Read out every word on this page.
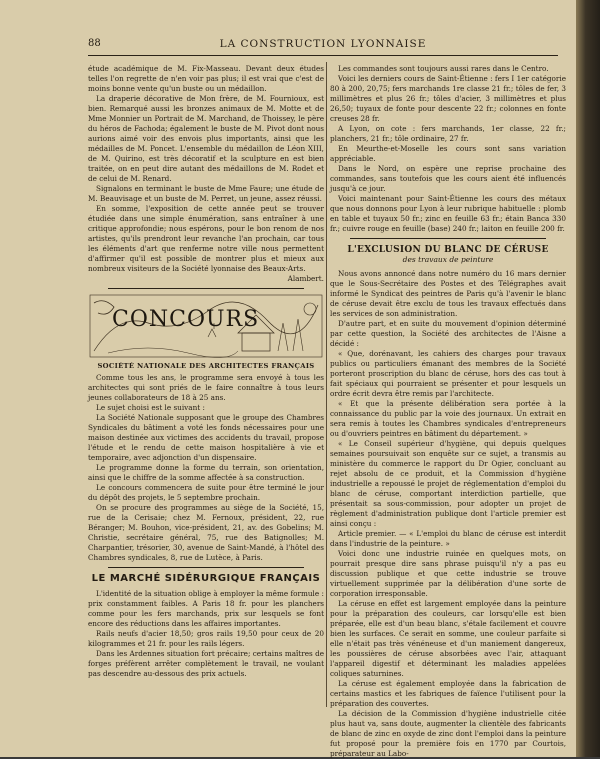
88	LA CONSTRUCTION LYONNAISE

étude académique de M. Fix-Masseau. Devant deux études telles l'on regrette de n'en voir pas plus; il est vrai que c'est de moins bonne vente qu'un buste ou un médaillon.

La draperie décorative de Mon frère, de M. Fournioux, est bien. Remarqué aussi les bronzes animaux de M. Motte et de Mme Monnier un Portrait de M. Marchand, de Thoissey, le père du héros de Fachoda; également le buste de M. Pivot dont nous aurions aimé voir des envois plus importants, ainsi que les médailles de M. Poncet. L'ensemble du médaillon de Léon XIII, de M. Quirino, est très décoratif et la sculpture en est bien traitée, on en peut dire autant des médaillons de M. Rodet et de celui de M. Renard.

Signalons en terminant le buste de Mme Faure; une étude de M. Beauvisage et un buste de M. Perret, un jeune, assez réussi.

En somme, l'exposition de cette année peut se trouver étudiée dans une simple énumération, sans entraîner à une critique approfondie; nous espérons, pour le bon renom de nos artistes, qu'ils prendront leur revanche l'an prochain, car tous les éléments d'art que renferme notre ville nous permettent d'affirmer qu'il est possible de montrer plus et mieux aux nombreux visiteurs de la Société lyonnaise des Beaux-Arts.

Alambert.
CONCOURS
SOCIÉTÉ NATIONALE DES ARCHITECTES FRANÇAIS

Comme tous les ans, le programme sera envoyé à tous les architectes qui sont priés de le faire connaître à tous leurs jeunes collaborateurs de 18 à 25 ans.

Le sujet choisi est le suivant :

La Société Nationale supposant que le groupe des Chambres Syndicales du bâtiment a voté les fonds nécessaires pour une maison destinée aux victimes des accidents du travail, propose l'étude et le rendu de cette maison hospitalière à vie et temporaire, avec adjonction d'un dispensaire.

Le programme donne la forme du terrain, son orientation, ainsi que le chiffre de la somme affectée à sa construction.

Le concours commencera de suite pour être terminé le jour du dépôt des projets, le 5 septembre prochain.

On se procure des programmes au siège de la Société, 15, rue de la Cerisaie; chez M. Fernoux, président, 22, rue Béranger; M. Bouhon, vice-président, 21, av. des Gobelins; M. Christie, secrétaire général, 75, rue des Batignolles; M. Charpantier, trésorier, 30, avenue de Saint-Mandé, à l'hôtel des Chambres syndicales, 8, rue de Lutèce, à Paris.

LE MARCHÉ SIDÉRURGIQUE FRANÇAIS

L'identité de la situation oblige à employer la même formule : prix constamment faibles. A Paris 18 fr. pour les planchers comme pour les fers marchands, prix sur lesquels se font encore des réductions dans les affaires importantes.

Rails neufs d'acier 18,50; gros rails 19,50 pour ceux de 20 kilogrammes et 21 fr. pour les rails légers.

Dans les Ardennes situation fort précaire; certains maîtres de forges préfèrent arrêter complètement le travail, ne voulant pas descendre au-dessous des prix actuels.

Les commandes sont toujours aussi rares dans le Centro.

Voici les derniers cours de Saint-Étienne : fers I 1er catégorie 80 à 200, 20,75; fers marchands 1re classe 21 fr.; tôles de fer, 3 millimètres et plus 26 fr.; tôles d'acier, 3 millimètres et plus 26,50; tuyaux de fonte pour descente 22 fr.; colonnes en fonte creuses 28 fr.

A Lyon, on cote : fers marchands, 1er classe, 22 fr.; planchers, 21 fr.; tôle ordinaire, 27 fr.

En Meurthe-et-Moselle les cours sont sans variation appréciable.

Dans le Nord, on espère une reprise prochaine des commandes, sans toutefois que les cours aient été influencés jusqu'à ce jour.

Voici maintenant pour Saint-Étienne les cours des métaux que nous donnons pour Lyon à leur rubrique habituelle : plomb en table et tuyaux 50 fr.; zinc en feuille 63 fr.; étain Banca 330 fr.; cuivre rouge en feuille (base) 240 fr.; laiton en feuille 200 fr.

L'EXCLUSION DU BLANC DE CÉRUSE
des travaux de peinture

Nous avons annoncé dans notre numéro du 16 mars dernier que le Sous-Secrétaire des Postes et des Télégraphes avait informé le Syndicat des peintres de Paris qu'à l'avenir le blanc de céruse devait être exclu de tous les travaux effectués dans les services de son administration.

D'autre part, et en suite du mouvement d'opinion déterminé par cette question, la Société des architectes de l'Aisne a décidé :

« Que, dorénavant, les cahiers des charges pour travaux publics ou particuliers émanant des membres de la Société porteront proscription du blanc de céruse, hors des cas tout à fait spéciaux qui pourraient se présenter et pour lesquels un ordre écrit devra être remis par l'architecte.

« Et que la présente délibération sera portée à la connaissance du public par la voie des journaux. Un extrait en sera remis à toutes les Chambres syndicales d'entrepreneurs ou d'ouvriers peintres en bâtiment du département. »

« Le Conseil supérieur d'hygiène, qui depuis quelques semaines poursuivait son enquête sur ce sujet, a transmis au ministère du commerce le rapport du Dr Ogier, concluant au rejet absolu de ce produit, et la Commission d'hygiène industrielle a repoussé le projet de réglementation d'emploi du blanc de céruse, comportant interdiction partielle, que présentait sa sous-commission, pour adopter un projet de règlement d'administration publique dont l'article premier est ainsi conçu :

Article premier. — « L'emploi du blanc de céruse est interdit dans l'industrie de la peinture. »

Voici donc une industrie ruinée en quelques mots, on pourrait presque dire sans phrase puisqu'il n'y a pas eu discussion publique et que cette industrie se trouve virtuellement supprimée par la délibération d'une sorte de corporation irresponsable.

La céruse en effet est largement employée dans la peinture pour la préparation des couleurs, car lorsqu'elle est bien préparée, elle est d'un beau blanc, s'étale facilement et couvre bien les surfaces. Ce serait en somme, une couleur parfaite si elle n'était pas très vénéneuse et d'un maniement dangereux, les poussières de céruse absorbées avec l'air, attaquant l'appareil digestif et déterminant les maladies appelées coliques saturnines.

La céruse est également employée dans la fabrication de certains mastics et les fabriques de faïence l'utilisent pour la préparation des couvertes.

La décision de la Commission d'hygiène industrielle citée plus haut va, sans doute, augmenter la clientèle des fabricants de blanc de zinc en oxyde de zinc dont l'emploi dans la peinture fut proposé pour la première fois en 1770 par Courtois, préparateur au Labo-
